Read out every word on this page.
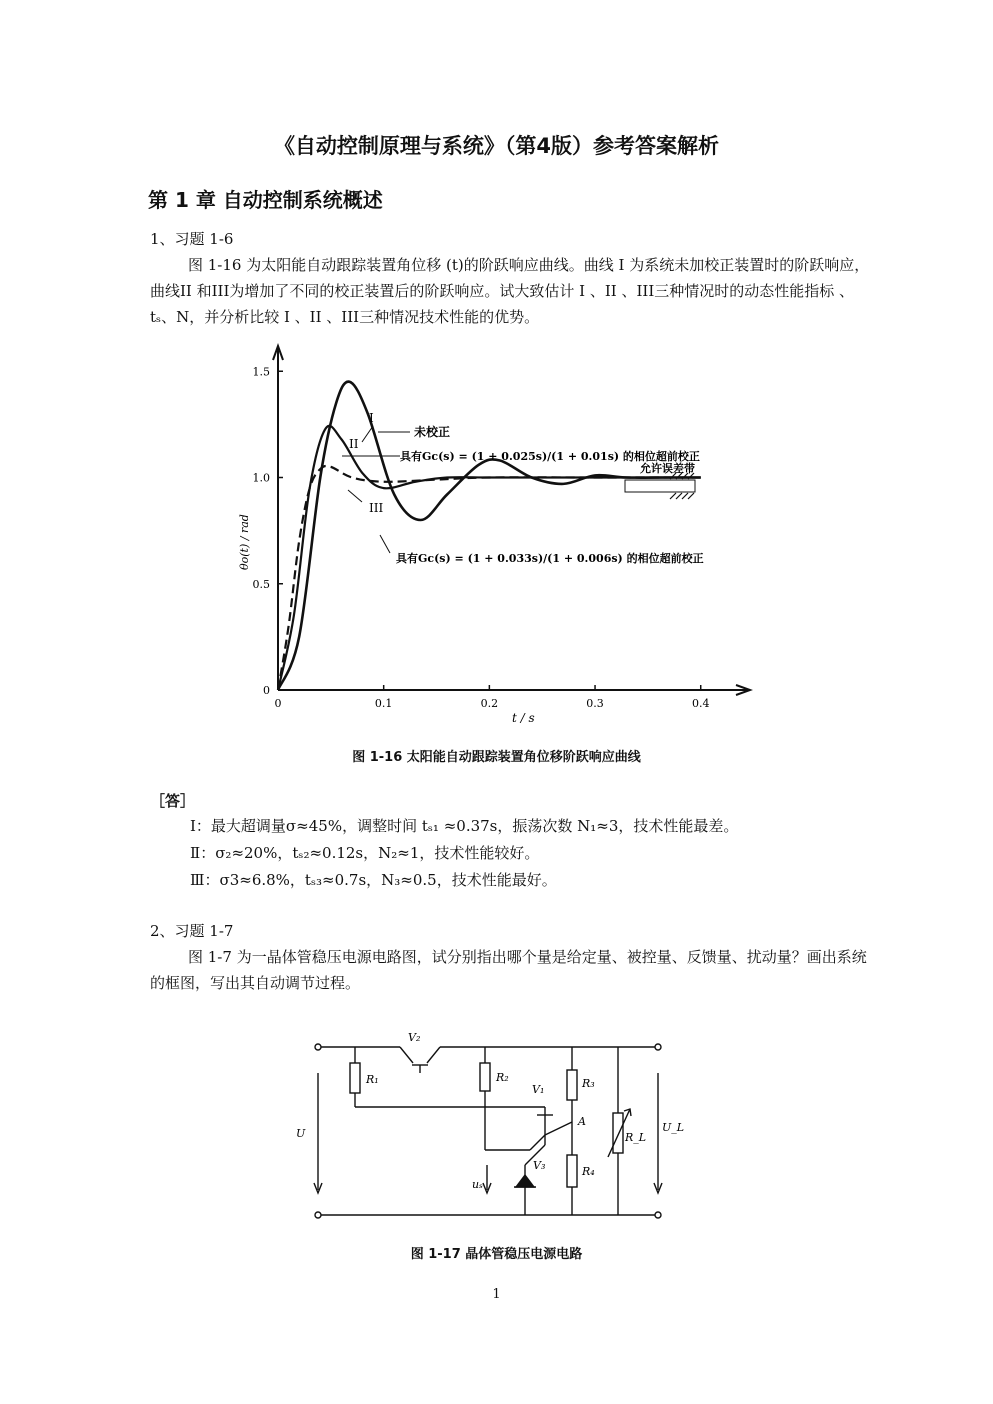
《自动控制原理与系统》（第4版）参考答案解析
第 1 章 自动控制系统概述
1、习题 1-6
图 1-16 为太阳能自动跟踪装置角位移 (t)的阶跃响应曲线。曲线 I 为系统未加校正装置时的阶跃响应，曲线II 和III为增加了不同的校正装置后的阶跃响应。试大致估计 I 、II 、III三种情况时的动态性能指标 、tₛ、N，并分析比较 I 、II 、III三种情况技术性能的优势。
0
0.5
1.0
1.5
0.1	0.2	0.3	0.4
0
I
未校正
II
具有Gc(s) = (1 + 0.025s)/(1 + 0.01s) 的相位超前校正
允许误差带
III
具有Gc(s) = (1 + 0.033s)/(1 + 0.006s) 的相位超前校正
θo(t) / rad
t / s
图 1-16 太阳能自动跟踪装置角位移阶跃响应曲线
［答］
Ⅰ：最大超调量σ≈45%，调整时间 tₛ₁ ≈0.37s，振荡次数 N₁≈3，技术性能最差。
Ⅱ：σ₂≈20%，tₛ₂≈0.12s，N₂≈1，技术性能较好。
Ⅲ：σ3≈6.8%，tₛ₃≈0.7s，N₃≈0.5，技术性能最好。
2、习题 1-7
图 1-7 为一晶体管稳压电源电路图，试分别指出哪个量是给定量、被控量、反馈量、扰动量？画出系统的框图，写出其自动调节过程。
V₂
R₁	R₂
V₁	R₃
A
R_L
U_L
U
uₛ
V₃	R₄
图 1-17 晶体管稳压电源电路
1
